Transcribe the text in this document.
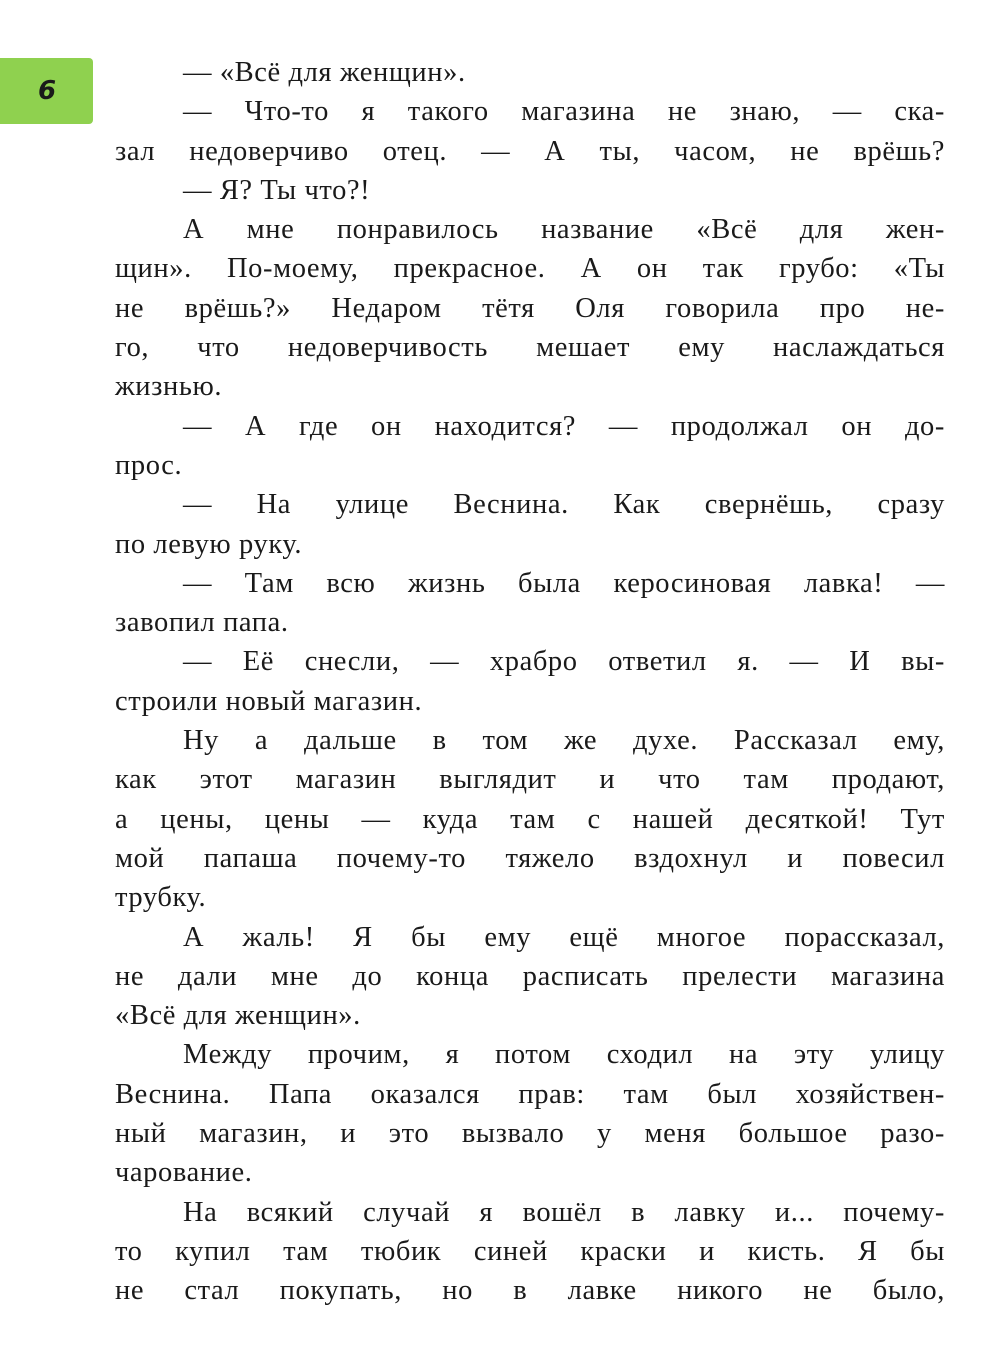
6
— «Всё для женщин».
— Что-то я такого магазина не знаю, — ска-
зал недоверчиво отец. — А ты, часом, не врёшь?
— Я? Ты что?!
А мне понравилось название «Всё для жен-
щин». По-моему, прекрасное. А он так грубо: «Ты
не врёшь?» Недаром тётя Оля говорила про не-
го, что недоверчивость мешает ему наслаждаться
жизнью.
— А где он находится? — продолжал он до-
прос.
— На улице Веснина. Как свернёшь, сразу
по левую руку.
— Там всю жизнь была керосиновая лавка! —
завопил папа.
— Её снесли, — храбро ответил я. — И вы-
строили новый магазин.
Ну а дальше в том же духе. Рассказал ему,
как этот магазин выглядит и что там продают,
а цены, цены — куда там с нашей десяткой! Тут
мой папаша почему-то тяжело вздохнул и повесил
трубку.
А жаль! Я бы ему ещё многое порассказал,
не дали мне до конца расписать прелести магазина
«Всё для женщин».
Между прочим, я потом сходил на эту улицу
Веснина. Папа оказался прав: там был хозяйствен-
ный магазин, и это вызвало у меня большое разо-
чарование.
На всякий случай я вошёл в лавку и... почему-
то купил там тюбик синей краски и кисть. Я бы
не стал покупать, но в лавке никого не было,
